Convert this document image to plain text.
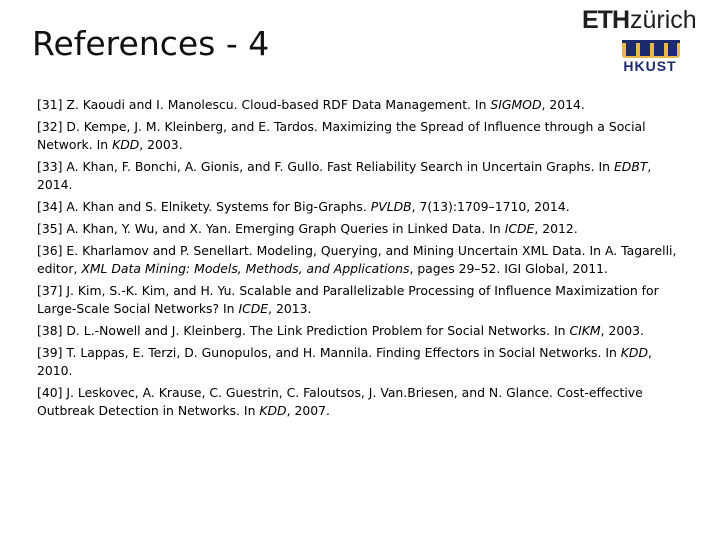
References - 4
ETH zürich
HKUST
[31] Z. Kaoudi and I. Manolescu. Cloud-based RDF Data Management. In SIGMOD, 2014.
[32] D. Kempe, J. M. Kleinberg, and E. Tardos. Maximizing the Spread of Influence through a Social Network. In KDD, 2003.
[33] A. Khan, F. Bonchi, A. Gionis, and F. Gullo. Fast Reliability Search in Uncertain Graphs. In EDBT, 2014.
[34] A. Khan and S. Elnikety. Systems for Big-Graphs. PVLDB, 7(13):1709–1710, 2014.
[35] A. Khan, Y. Wu, and X. Yan. Emerging Graph Queries in Linked Data. In ICDE, 2012.
[36] E. Kharlamov and P. Senellart. Modeling, Querying, and Mining Uncertain XML Data. In A. Tagarelli, editor, XML Data Mining: Models, Methods, and Applications, pages 29–52. IGI Global, 2011.
[37] J. Kim, S.-K. Kim, and H. Yu. Scalable and Parallelizable Processing of Influence Maximization for Large-Scale Social Networks? In ICDE, 2013.
[38] D. L.-Nowell and J. Kleinberg. The Link Prediction Problem for Social Networks. In CIKM, 2003.
[39] T. Lappas, E. Terzi, D. Gunopulos, and H. Mannila. Finding Effectors in Social Networks. In KDD, 2010.
[40] J. Leskovec, A. Krause, C. Guestrin, C. Faloutsos, J. Van.Briesen, and N. Glance. Cost-effective Outbreak Detection in Networks. In KDD, 2007.
